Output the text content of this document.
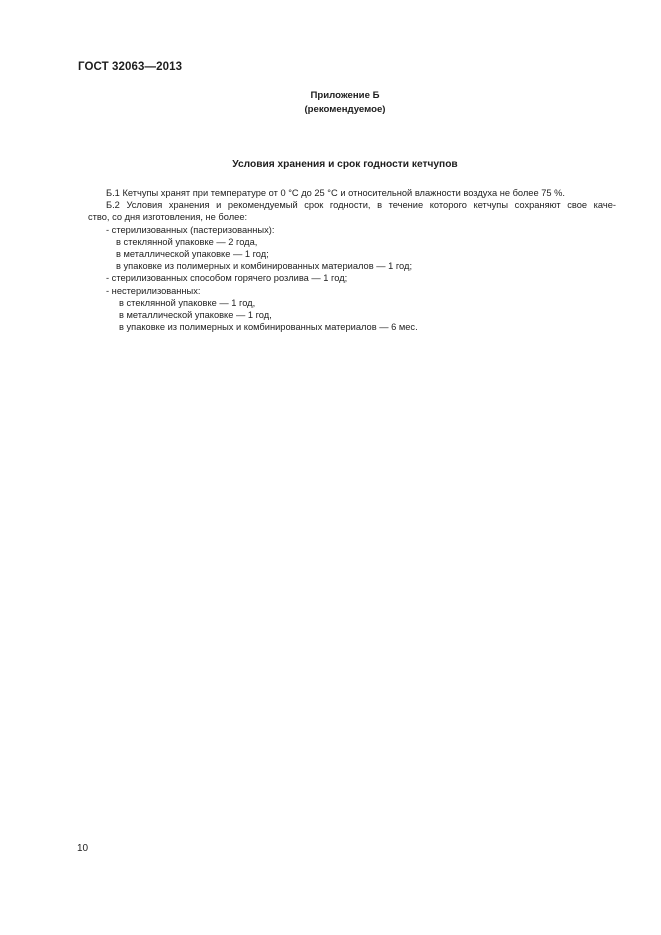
ГОСТ 32063—2013
Приложение Б
(рекомендуемое)
Условия хранения и срок годности кетчупов
Б.1 Кетчупы хранят при температуре от 0 °С до 25 °С и относительной влажности воздуха не более 75 %.
Б.2 Условия хранения и рекомендуемый срок годности, в течение которого кетчупы сохраняют свое каче-
ство, со дня изготовления, не более:
- стерилизованных (пастеризованных):
в стеклянной упаковке — 2 года,
в металлической упаковке — 1 год;
в упаковке из полимерных и комбинированных материалов — 1 год;
- стерилизованных способом горячего розлива — 1 год;
- нестерилизованных:
в стеклянной упаковке — 1 год,
в металлической упаковке — 1 год,
в упаковке из полимерных и комбинированных материалов — 6 мес.
10
